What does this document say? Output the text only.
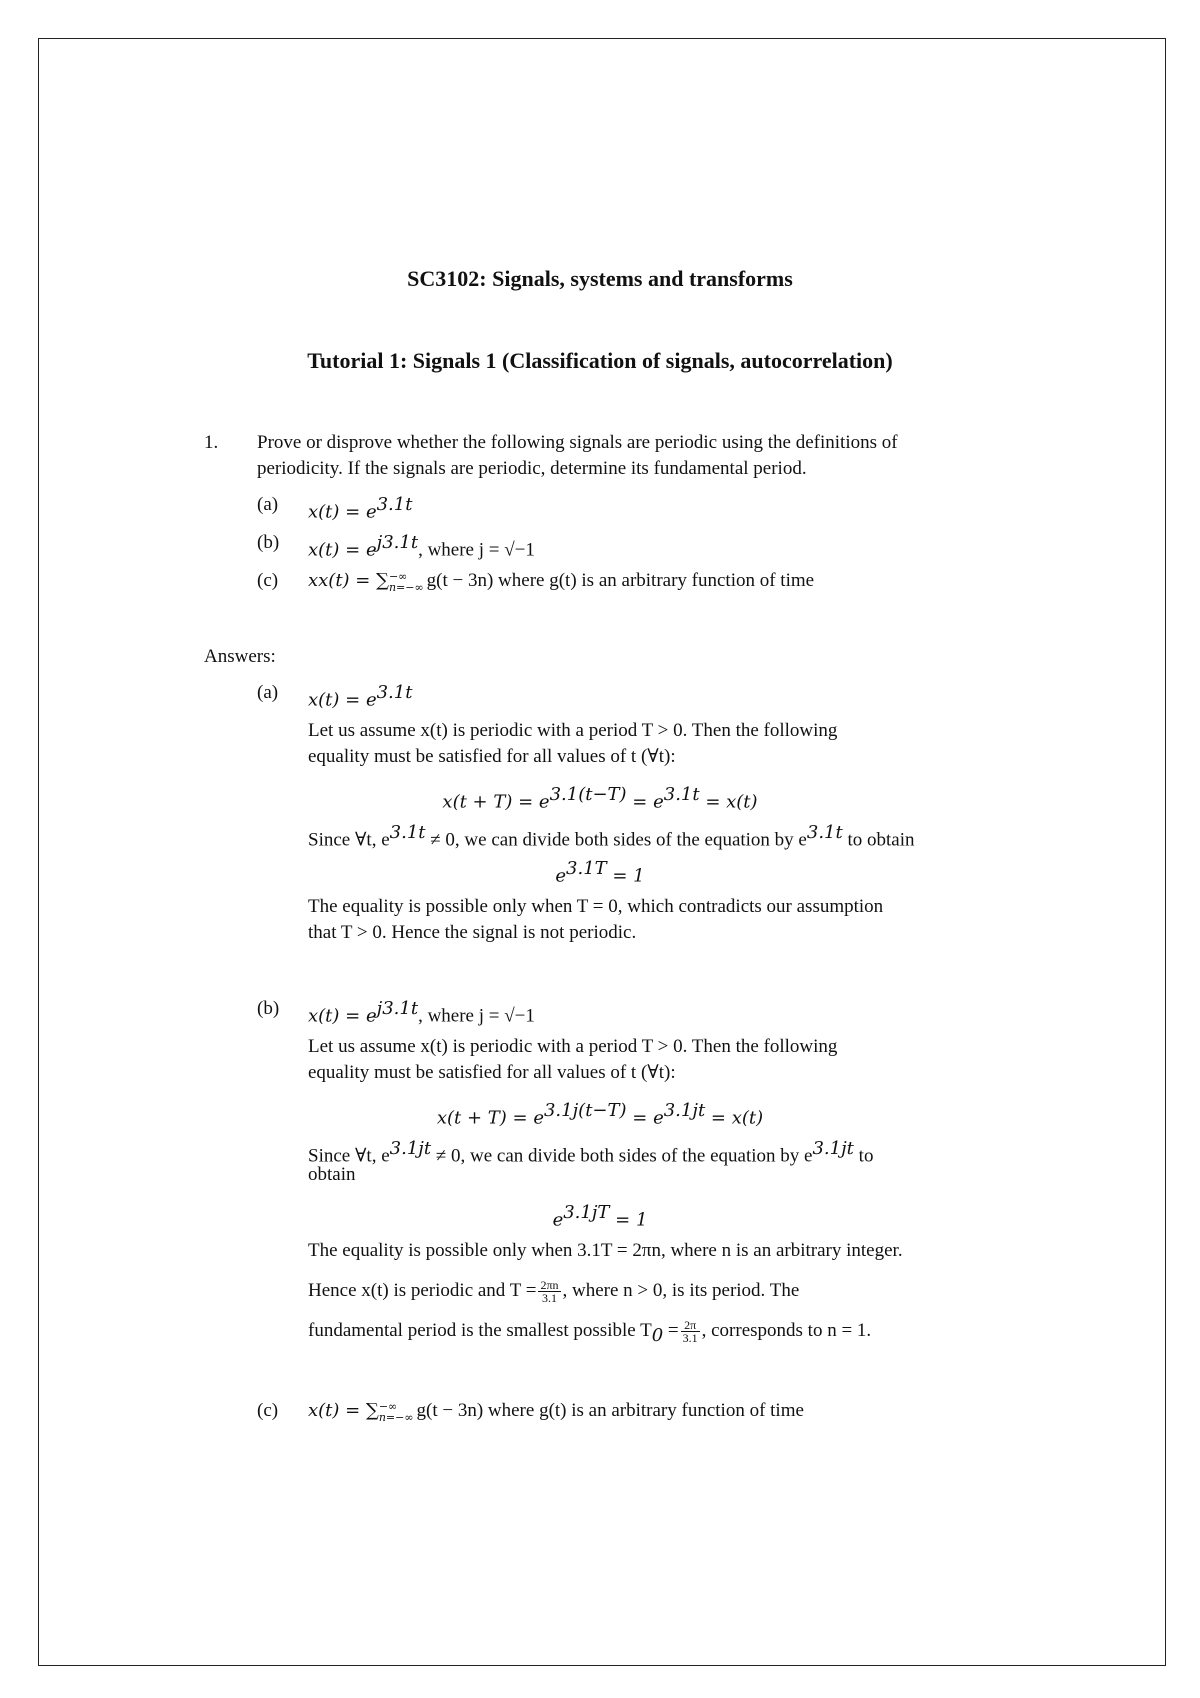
SC3102: Signals, systems and transforms
Tutorial 1: Signals 1 (Classification of signals, autocorrelation)
1. Prove or disprove whether the following signals are periodic using the definitions of
periodicity. If the signals are periodic, determine its fundamental period.
(a) $x(t) = e^{3.1t}$
(b) $x(t) = e^{j3.1t}$, where j = √−1
(c) xx(t) = ∑ −∞
n=−∞ g(t − 3n) where g(t) is an arbitrary function of time
Answers:
(a) $x(t) = e^{3.1t}$
Let us assume x(t) is periodic with a period T > 0. Then the following
equality must be satisfied for all values of t (∀t):
$x(t + T) = e^{3.1(t-T)} = e^{3.1t} = x(t)$
Since ∀t, $e^{3.1t} \ne 0$, we can divide both sides of the equation by $e^{3.1t}$ to obtain
$e^{3.1T} = 1$
The equality is possible only when T = 0, which contradicts our assumption
that T > 0. Hence the signal is not periodic.
(b) $x(t) = e^{j3.1t}$, where j = √−1
Let us assume x(t) is periodic with a period T > 0. Then the following
equality must be satisfied for all values of t (∀t):
$x(t + T) = e^{3.1j(t-T)} = e^{3.1jt} = x(t)$
Since ∀t, $e^{3.1jt} \ne 0$, we can divide both sides of the equation by $e^{3.1jt}$ to
obtain
$e^{3.1jT} = 1$
The equality is possible only when 3.1T = 2πn, where n is an arbitrary integer.
Hence x(t) is periodic and $T = \frac{2\pi n}{3.1}$ , where n > 0, is its period. The
fundamental period is the smallest possible $T_0 = \frac{2\pi}{3.1}$ , corresponds to n = 1.
(c) x(t) = ∑ −∞
n=−∞ g(t − 3n) where g(t) is an arbitrary function of time
